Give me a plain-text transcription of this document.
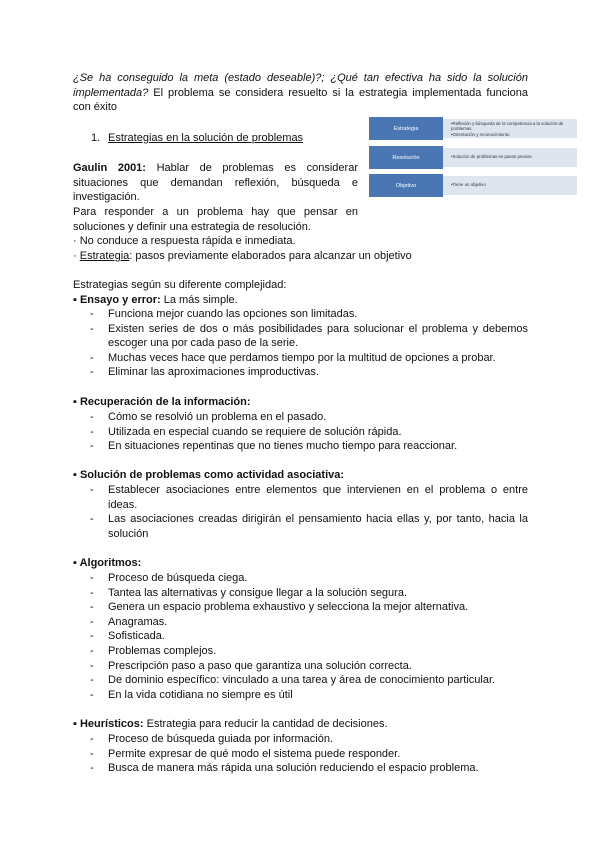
¿Se ha conseguido la meta (estado deseable)?; ¿Qué tan efectiva ha sido la solución implementada? El problema se considera resuelto si la estrategia implementada funciona con éxito

1. Estrategias en la solución de problemas

Estrategia
• Reflexión y búsqueda de la competencia a la solución de problemas
• Orientación y reconocimiento
Resolución	• Solución de problemas en pasos previos
Objetivo	• Tiene un objetivo

Gaulin 2001: Hablar de problemas es considerar situaciones que demandan reflexión, búsqueda e investigación.

Para responder a un problema hay que pensar en soluciones y definir una estrategia de resolución.

· No conduce a respuesta rápida e inmediata.

· Estrategia: pasos previamente elaborados para alcanzar un objetivo

Estrategias según su diferente complejidad:

▪ Ensayo y error: La más simple.

- Funciona mejor cuando las opciones son limitadas.
- Existen series de dos o más posibilidades para solucionar el problema y debemos escoger una por cada paso de la serie.
- Muchas veces hace que perdamos tiempo por la multitud de opciones a probar.
- Eliminar las aproximaciones improductivas.

▪ Recuperación de la información:

- Cómo se resolvió un problema en el pasado.
- Utilizada en especial cuando se requiere de solución rápida.
- En situaciones repentinas que no tienes mucho tiempo para reaccionar.

▪ Solución de problemas como actividad asociativa:

- Establecer asociaciones entre elementos que intervienen en el problema o entre ideas.
- Las asociaciones creadas dirigirán el pensamiento hacia ellas y, por tanto, hacia la solución

▪ Algoritmos:

- Proceso de búsqueda ciega.
- Tantea las alternativas y consigue llegar a la solución segura.
- Genera un espacio problema exhaustivo y selecciona la mejor alternativa.
- Anagramas.
- Sofisticada.
- Problemas complejos.
- Prescripción paso a paso que garantiza una solución correcta.
- De dominio específico: vinculado a una tarea y área de conocimiento particular.
- En la vida cotidiana no siempre es útil

▪ Heurísticos: Estrategia para reducir la cantidad de decisiones.

- Proceso de búsqueda guiada por información.
- Permite expresar de qué modo el sistema puede responder.
- Busca de manera más rápida una solución reduciendo el espacio problema.
